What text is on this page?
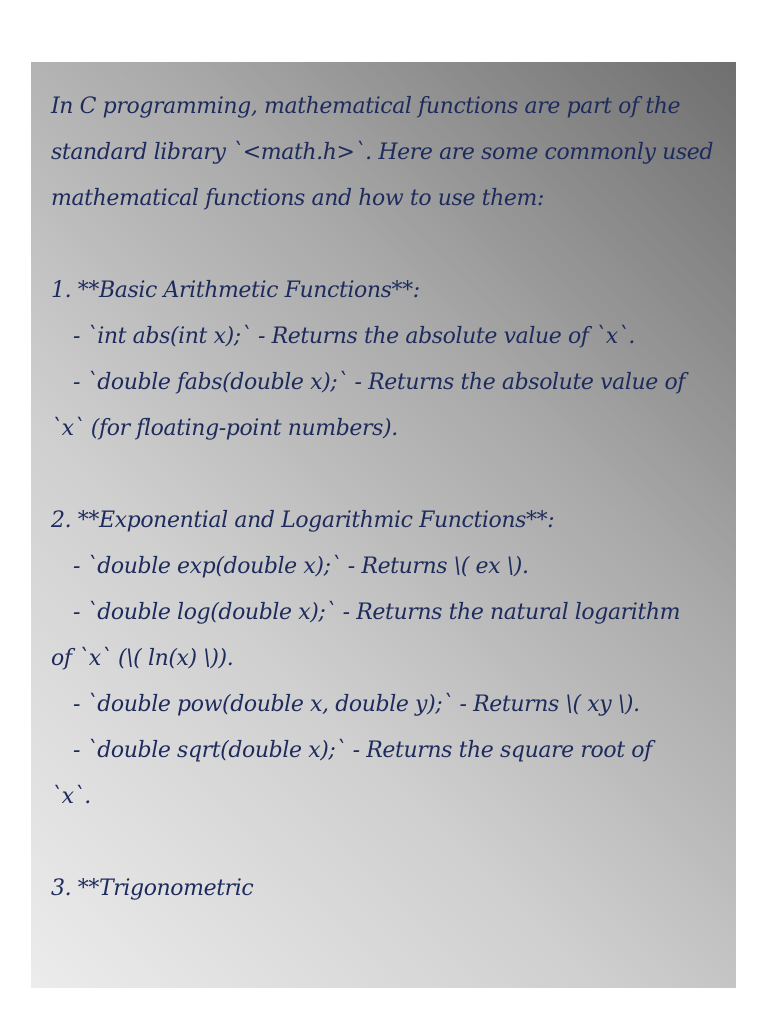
In C programming, mathematical functions are part of the
standard library `<math.h>`. Here are some commonly used
mathematical functions and how to use them:
1. **Basic Arithmetic Functions**:
- `int abs(int x);` - Returns the absolute value of `x`.
- `double fabs(double x);` - Returns the absolute value of
`x` (for floating-point numbers).
2. **Exponential and Logarithmic Functions**:
- `double exp(double x);` - Returns \( ex \).
- `double log(double x);` - Returns the natural logarithm
of `x` (\( ln(x) \)).
- `double pow(double x, double y);` - Returns \( xy \).
- `double sqrt(double x);` - Returns the square root of
`x`.
3. **Trigonometric
